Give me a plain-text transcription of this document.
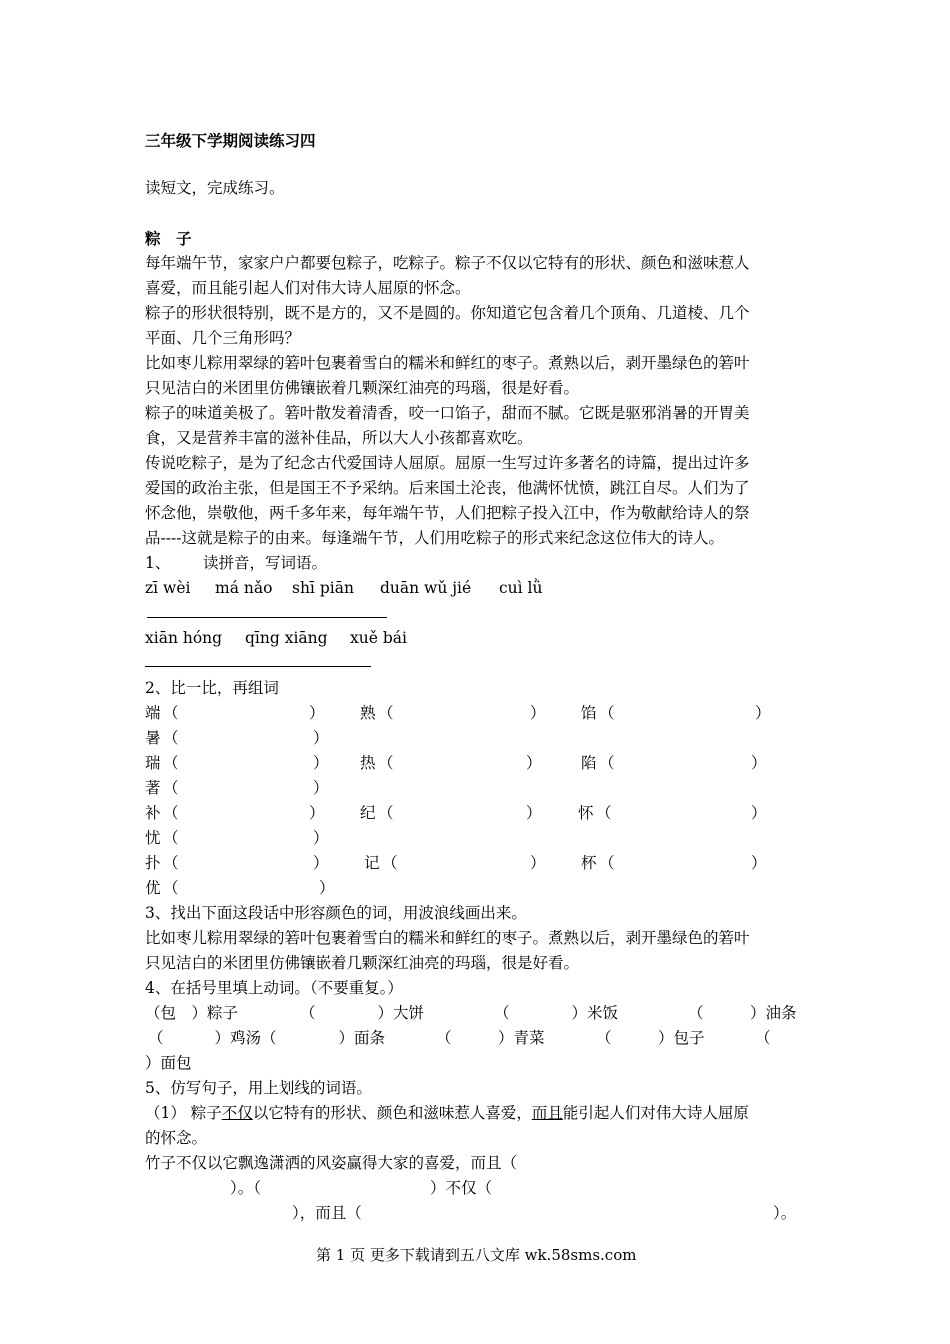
三年级下学期阅读练习四
读短文，完成练习。
粽　子
每年端午节，家家户户都要包粽子，吃粽子。粽子不仅以它特有的形状、颜色和滋味惹人
喜爱，而且能引起人们对伟大诗人屈原的怀念。
粽子的形状很特别，既不是方的，又不是圆的。你知道它包含着几个顶角、几道棱、几个
平面、几个三角形吗？
比如枣儿粽用翠绿的箬叶包裹着雪白的糯米和鲜红的枣子。煮熟以后，剥开墨绿色的箬叶
只见洁白的米团里仿佛镶嵌着几颗深红油亮的玛瑙，很是好看。
粽子的味道美极了。箬叶散发着清香，咬一口馅子，甜而不腻。它既是驱邪消暑的开胃美
食，又是营养丰富的滋补佳品，所以大人小孩都喜欢吃。
传说吃粽子，是为了纪念古代爱国诗人屈原。屈原一生写过许多著名的诗篇，提出过许多
爱国的政治主张，但是国王不予采纳。后来国土沦丧，他满怀忧愤，跳江自尽。人们为了
怀念他，崇敬他，两千多年来，每年端午节，人们把粽子投入江中，作为敬献给诗人的祭
品----这就是粽子的由来。每逢端午节，人们用吃粽子的形式来纪念这位伟大的诗人。
1、 读拼音，写词语。
zī wèi má nǎo shī piān duān wǔ jié cuì lǜ
xiān hóng qīng xiāng xuě bái
2、比一比，再组词
端 （	） 熟 （	） 馅 （	）
暑 （	）
瑞 （	） 热 （	）	陷 （	）
著 （	）
补 （	） 纪 （	） 怀 （	）
忧 （	）
扑 （	） 记 （	） 杯 （	）
优 （	）
3、找出下面这段话中形容颜色的词，用波浪线画出来。
比如枣儿粽用翠绿的箬叶包裹着雪白的糯米和鲜红的枣子。煮熟以后，剥开墨绿色的箬叶
只见洁白的米团里仿佛镶嵌着几颗深红油亮的玛瑙，很是好看。
4、在括号里填上动词。（不要重复。）
（包　）粽子	（　　　　）大饼	（　　　　）米饭	（　　　）油条
（ 　　　）鸡汤（ 　　　）面条	（　　　）青菜	（　　　）包子	（
）面包
5、仿写句子，用上划线的词语。
（1） 粽子不仅以它特有的形状、颜色和滋味惹人喜爱，而且能引起人们对伟大诗人屈原
的怀念。
竹子不仅以它飘逸潇洒的风姿赢得大家的喜爱，而且（
）。（	）不仅（
），而且（	）。
第 1 页 更多下载请到五八文库 wk.58sms.com
